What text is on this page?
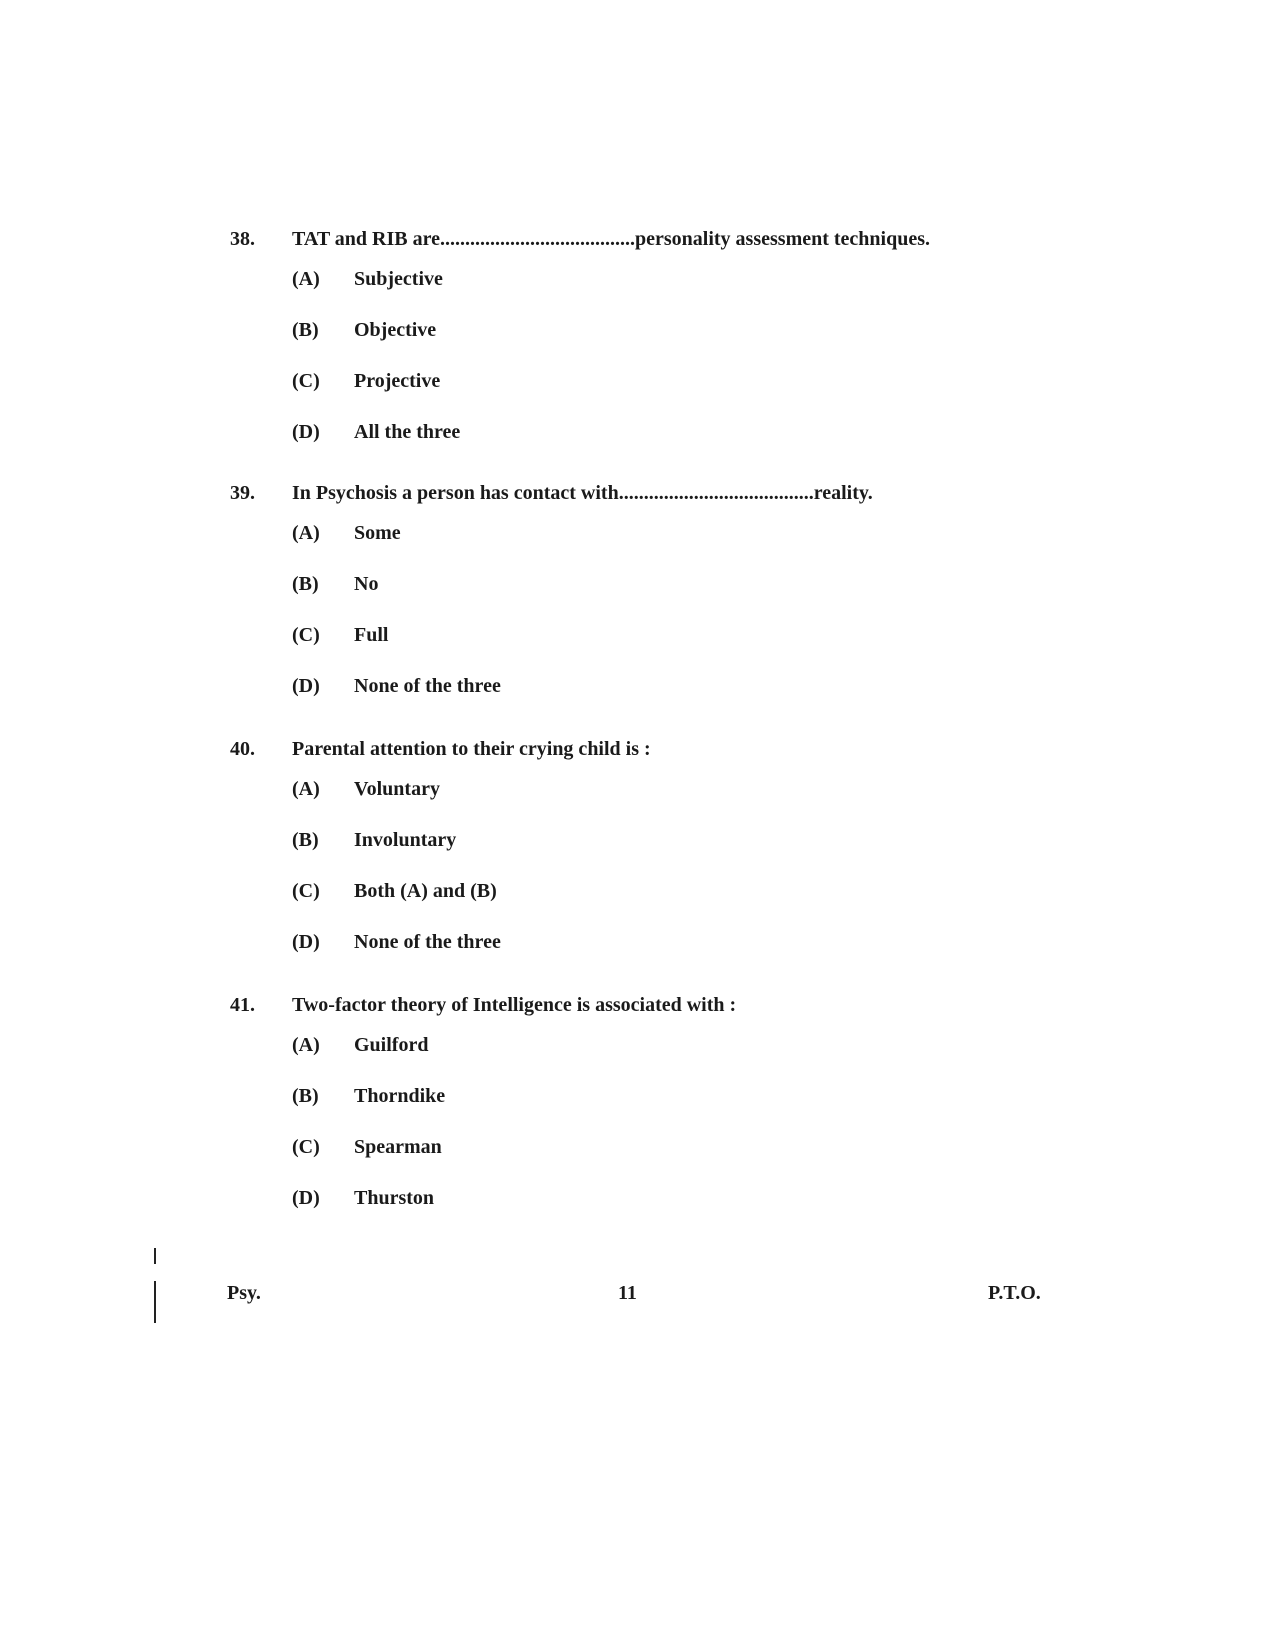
38.	TAT and RIB are.......................................personality assessment techniques.
(A)	Subjective
(B)	Objective
(C)	Projective
(D)	All the three
39.	In Psychosis a person has contact with.......................................reality.
(A)	Some
(B)	No
(C)	Full
(D)	None of the three
40.	Parental attention to their crying child is :
(A)	Voluntary
(B)	Involuntary
(C)	Both (A) and (B)
(D)	None of the three
41.	Two-factor theory of Intelligence is associated with :
(A)	Guilford
(B)	Thorndike
(C)	Spearman
(D)	Thurston
Psy.	11	P.T.O.
